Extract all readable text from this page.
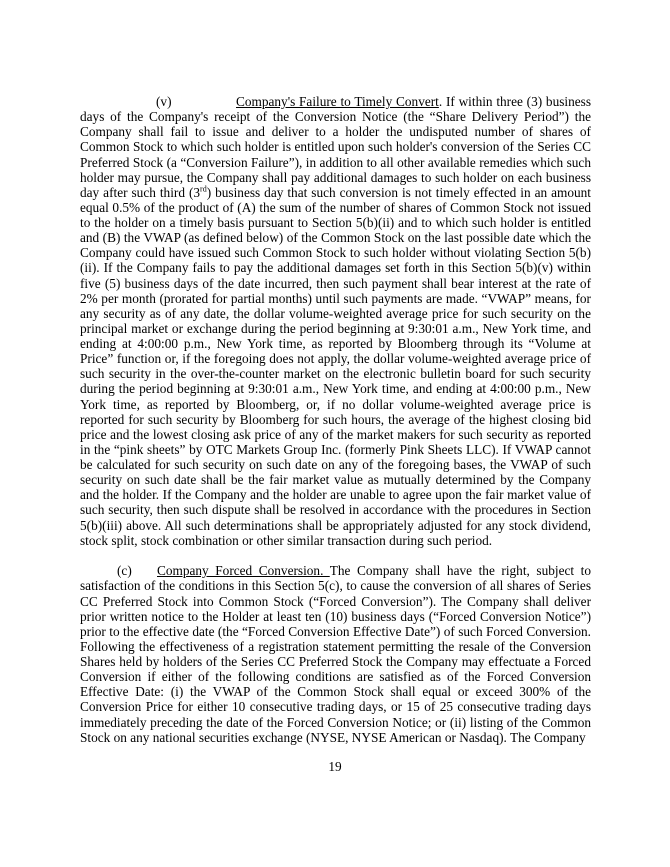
(v)	Company's Failure to Timely Convert. If within three (3) business days of the Company's receipt of the Conversion Notice (the “Share Delivery Period”) the Company shall fail to issue and deliver to a holder the undisputed number of shares of Common Stock to which such holder is entitled upon such holder's conversion of the Series CC Preferred Stock (a “Conversion Failure”), in addition to all other available remedies which such holder may pursue, the Company shall pay additional damages to such holder on each business day after such third (3rd) business day that such conversion is not timely effected in an amount equal 0.5% of the product of (A) the sum of the number of shares of Common Stock not issued to the holder on a timely basis pursuant to Section 5(b)(ii) and to which such holder is entitled and (B) the VWAP (as defined below) of the Common Stock on the last possible date which the Company could have issued such Common Stock to such holder without violating Section 5(b)(ii). If the Company fails to pay the additional damages set forth in this Section 5(b)(v) within five (5) business days of the date incurred, then such payment shall bear interest at the rate of 2% per month (prorated for partial months) until such payments are made. “VWAP” means, for any security as of any date, the dollar volume-weighted average price for such security on the principal market or exchange during the period beginning at 9:30:01 a.m., New York time, and ending at 4:00:00 p.m., New York time, as reported by Bloomberg through its “Volume at Price” function or, if the foregoing does not apply, the dollar volume-weighted average price of such security in the over-the-counter market on the electronic bulletin board for such security during the period beginning at 9:30:01 a.m., New York time, and ending at 4:00:00 p.m., New York time, as reported by Bloomberg, or, if no dollar volume-weighted average price is reported for such security by Bloomberg for such hours, the average of the highest closing bid price and the lowest closing ask price of any of the market makers for such security as reported in the “pink sheets” by OTC Markets Group Inc. (formerly Pink Sheets LLC). If VWAP cannot be calculated for such security on such date on any of the foregoing bases, the VWAP of such security on such date shall be the fair market value as mutually determined by the Company and the holder. If the Company and the holder are unable to agree upon the fair market value of such security, then such dispute shall be resolved in accordance with the procedures in Section 5(b)(iii) above. All such determinations shall be appropriately adjusted for any stock dividend, stock split, stock combination or other similar transaction during such period.

(c) Company Forced Conversion. The Company shall have the right, subject to satisfaction of the conditions in this Section 5(c), to cause the conversion of all shares of Series CC Preferred Stock into Common Stock (“Forced Conversion”). The Company shall deliver prior written notice to the Holder at least ten (10) business days (“Forced Conversion Notice”) prior to the effective date (the “Forced Conversion Effective Date”) of such Forced Conversion. Following the effectiveness of a registration statement permitting the resale of the Conversion Shares held by holders of the Series CC Preferred Stock the Company may effectuate a Forced Conversion if either of the following conditions are satisfied as of the Forced Conversion Effective Date: (i) the VWAP of the Common Stock shall equal or exceed 300% of the Conversion Price for either 10 consecutive trading days, or 15 of 25 consecutive trading days immediately preceding the date of the Forced Conversion Notice; or (ii) listing of the Common Stock on any national securities exchange (NYSE, NYSE American or Nasdaq). The Company

19
